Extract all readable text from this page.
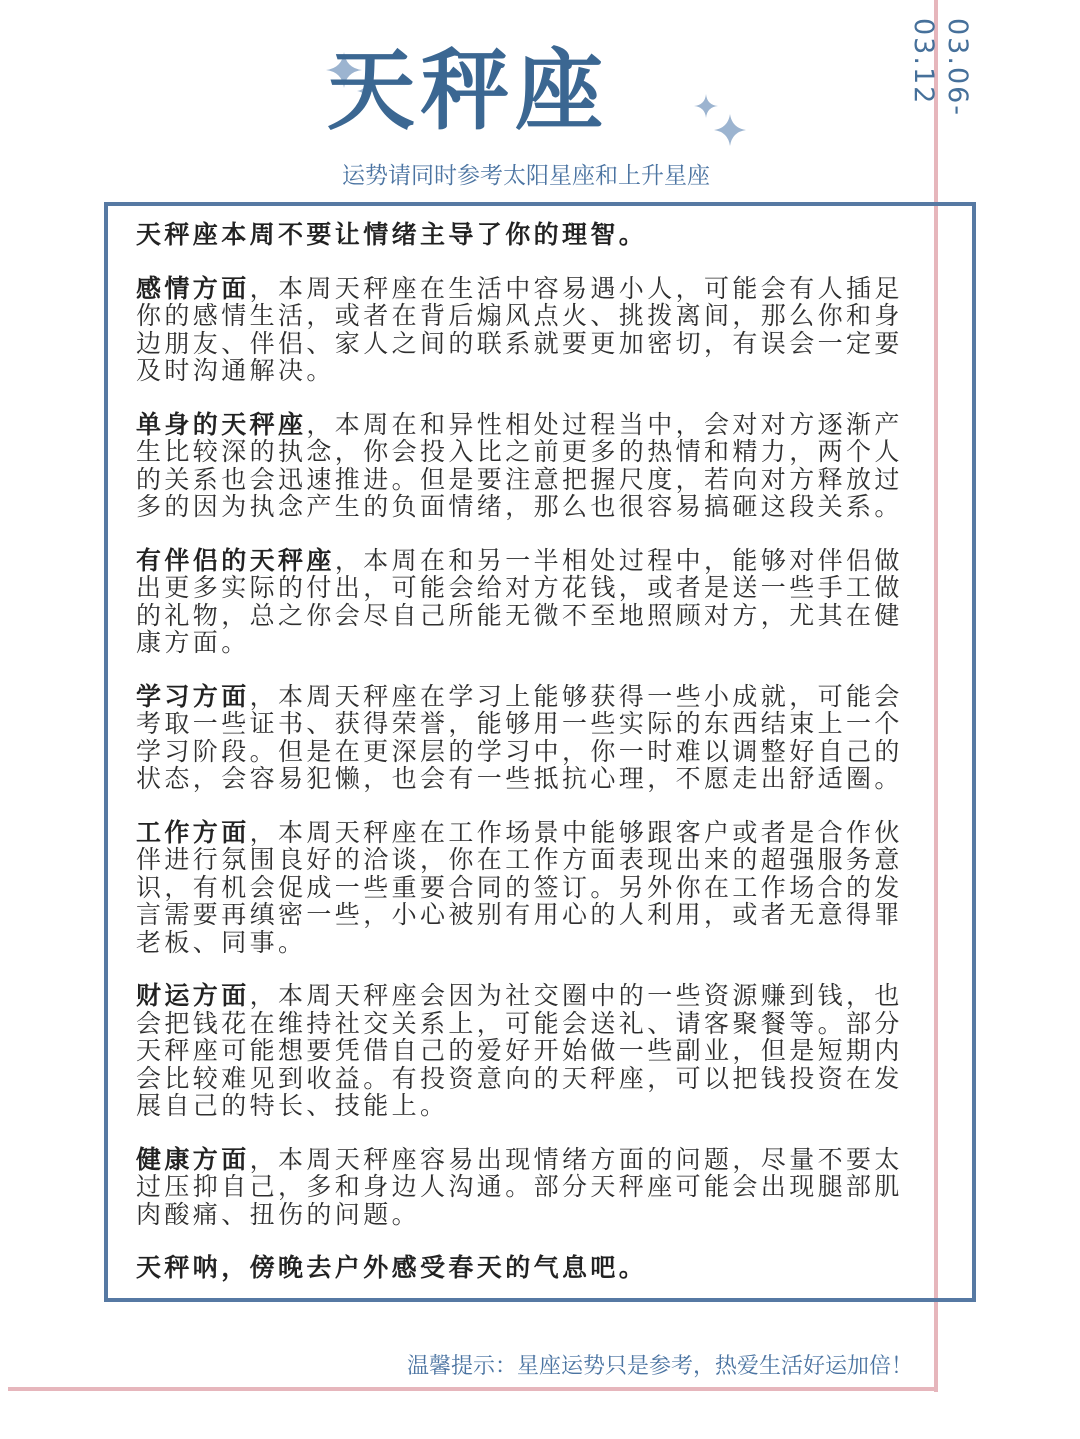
03.06-03.12
天秤座
运势请同时参考太阳星座和上升星座

天秤座本周不要让情绪主导了你的理智。

感情方面，本周天秤座在生活中容易遇小人，可能会有人插足你的感情生活，或者在背后煽风点火、挑拨离间，那么你和身边朋友、伴侣、家人之间的联系就要更加密切，有误会一定要及时沟通解决。

单身的天秤座，本周在和异性相处过程当中，会对对方逐渐产生比较深的执念，你会投入比之前更多的热情和精力，两个人的关系也会迅速推进。但是要注意把握尺度，若向对方释放过多的因为执念产生的负面情绪，那么也很容易搞砸这段关系。

有伴侣的天秤座，本周在和另一半相处过程中，能够对伴侣做出更多实际的付出，可能会给对方花钱，或者是送一些手工做的礼物，总之你会尽自己所能无微不至地照顾对方，尤其在健康方面。

学习方面，本周天秤座在学习上能够获得一些小成就，可能会考取一些证书、获得荣誉，能够用一些实际的东西结束上一个学习阶段。但是在更深层的学习中，你一时难以调整好自己的状态，会容易犯懒，也会有一些抵抗心理，不愿走出舒适圈。

工作方面，本周天秤座在工作场景中能够跟客户或者是合作伙伴进行氛围良好的洽谈，你在工作方面表现出来的超强服务意识，有机会促成一些重要合同的签订。另外你在工作场合的发言需要再缜密一些，小心被别有用心的人利用，或者无意得罪老板、同事。

财运方面，本周天秤座会因为社交圈中的一些资源赚到钱，也会把钱花在维持社交关系上，可能会送礼、请客聚餐等。部分天秤座可能想要凭借自己的爱好开始做一些副业，但是短期内会比较难见到收益。有投资意向的天秤座，可以把钱投资在发展自己的特长、技能上。

健康方面，本周天秤座容易出现情绪方面的问题，尽量不要太过压抑自己，多和身边人沟通。部分天秤座可能会出现腿部肌肉酸痛、扭伤的问题。

天秤呐，傍晚去户外感受春天的气息吧。

温馨提示：星座运势只是参考，热爱生活好运加倍！
